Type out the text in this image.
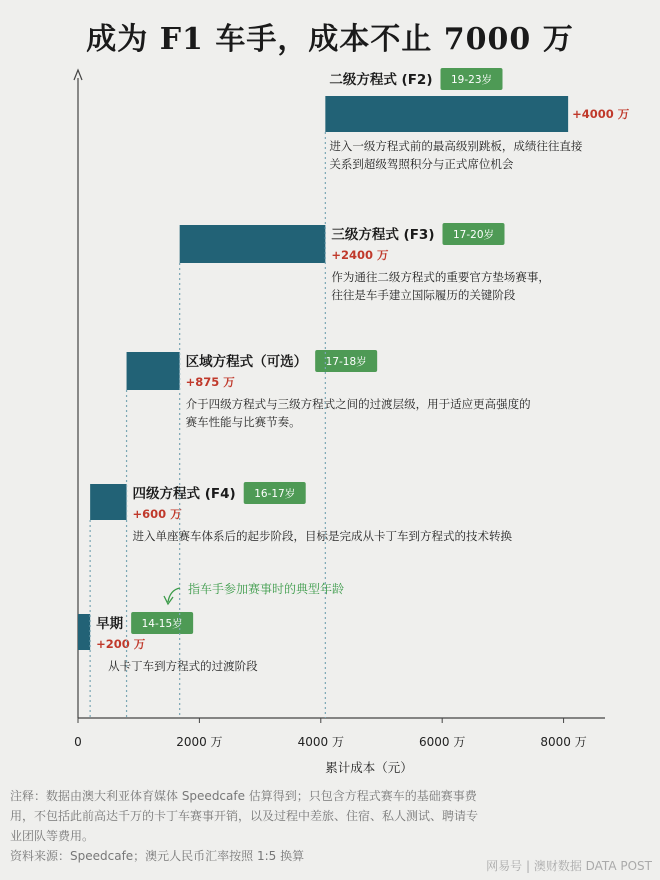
成为 F1 车手，成本不止 7000 万
0	2000 万	4000 万	6000 万	8000 万
累计成本（元）
早期 14-15岁
+200 万
从卡丁车到方程式的过渡阶段
四级方程式 (F4) 16-17岁
+600 万
进入单座赛车体系后的起步阶段，目标是完成从卡丁车到方程式的技术转换
区域方程式（可选） 17-18岁
+875 万
介于四级方程式与三级方程式之间的过渡层级，用于适应更高强度的
赛车性能与比赛节奏。
三级方程式 (F3) 17-20岁
+2400 万
作为通往二级方程式的重要官方垫场赛事，
往往是车手建立国际履历的关键阶段
二级方程式 (F2) 19-23岁
+4000 万
进入一级方程式前的最高级别跳板，成绩往往直接
关系到超级驾照积分与正式席位机会
指车手参加赛事时的典型年龄
注释：数据由澳大利亚体育媒体 Speedcafe 估算得到；只包含方程式赛车的基础赛事费
用，不包括此前高达千万的卡丁车赛事开销，以及过程中差旅、住宿、私人测试、聘请专
业团队等费用。
资料来源：Speedcafe；澳元人民币汇率按照 1:5 换算
网易号 | 澳财数据 DATA POST
